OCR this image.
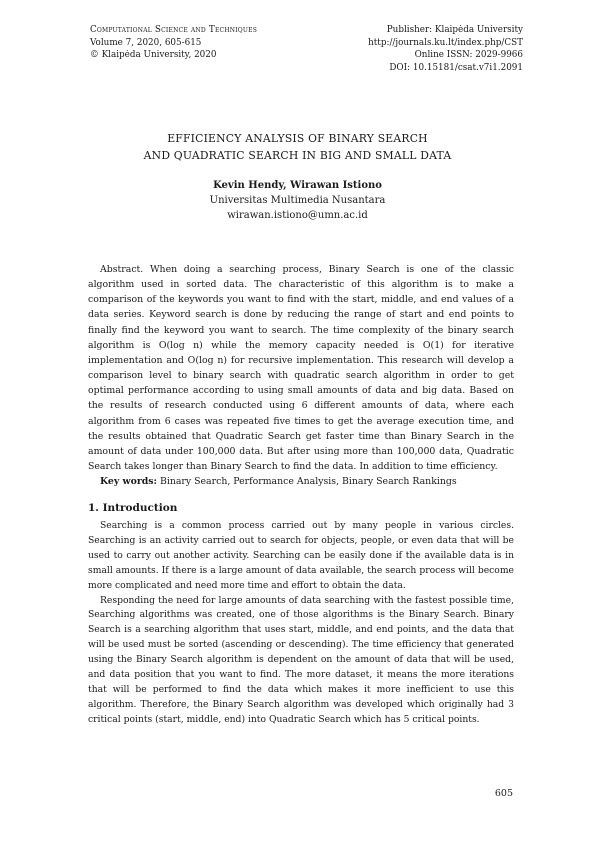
Computational Science and Techniques
Volume 7, 2020, 605-615
© Klaipėda University, 2020
Publisher: Klaipėda University
http://journals.ku.lt/index.php/CST
Online ISSN: 2029-9966
DOI: 10.15181/csat.v7i1.2091
EFFICIENCY ANALYSIS OF BINARY SEARCH
AND QUADRATIC SEARCH IN BIG AND SMALL DATA
Kevin Hendy, Wirawan Istiono
Universitas Multimedia Nusantara
wirawan.istiono@umn.ac.id

Abstract. When doing a searching process, Binary Search is one of the classic algorithm used in sorted data. The characteristic of this algorithm is to make a comparison of the keywords you want to find with the start, middle, and end values of a data series. Keyword search is done by reducing the range of start and end points to finally find the keyword you want to search. The time complexity of the binary search algorithm is O(log n) while the memory capacity needed is O(1) for iterative implementation and O(log n) for recursive implementation. This research will develop a comparison level to binary search with quadratic search algorithm in order to get optimal performance according to using small amounts of data and big data. Based on the results of research conducted using 6 different amounts of data, where each algorithm from 6 cases was repeated five times to get the average execution time, and the results obtained that Quadratic Search get faster time than Binary Search in the amount of data under 100,000 data. But after using more than 100,000 data, Quadratic Search takes longer than Binary Search to find the data. In addition to time efficiency.

Key words: Binary Search, Performance Analysis, Binary Search Rankings

1. Introduction

Searching is a common process carried out by many people in various circles. Searching is an activity carried out to search for objects, people, or even data that will be used to carry out another activity. Searching can be easily done if the available data is in small amounts. If there is a large amount of data available, the search process will become more complicated and need more time and effort to obtain the data.

Responding the need for large amounts of data searching with the fastest possible time, Searching algorithms was created, one of those algorithms is the Binary Search. Binary Search is a searching algorithm that uses start, middle, and end points, and the data that will be used must be sorted (ascending or descending). The time efficiency that generated using the Binary Search algorithm is dependent on the amount of data that will be used, and data position that you want to find. The more dataset, it means the more iterations that will be performed to find the data which makes it more inefficient to use this algorithm. Therefore, the Binary Search algorithm was developed which originally had 3 critical points (start, middle, end) into Quadratic Search which has 5 critical points.

605
